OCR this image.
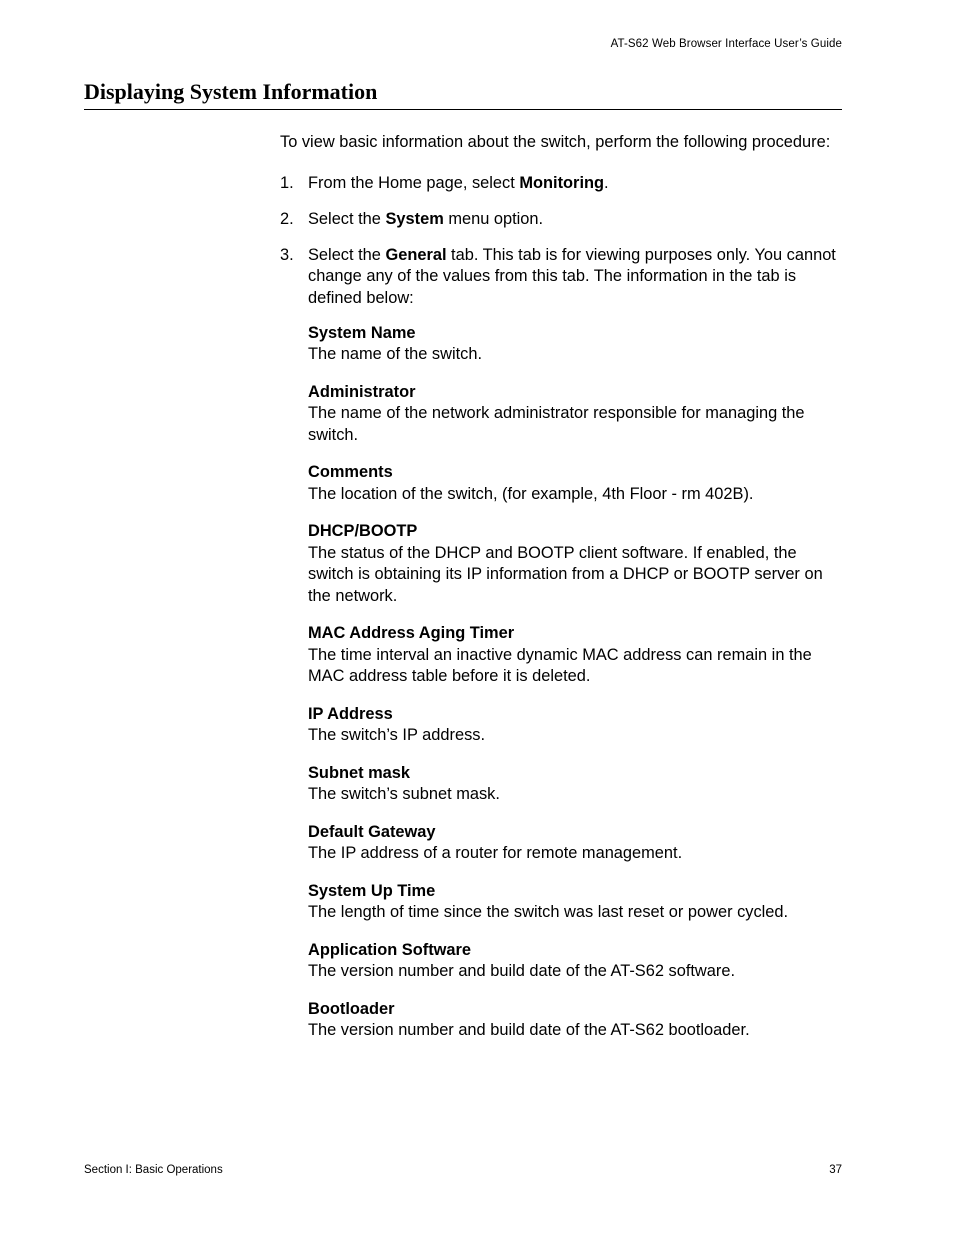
AT-S62 Web Browser Interface User’s Guide
Displaying System Information

To view basic information about the switch, perform the following procedure:

1. From the Home page, select Monitoring.
2. Select the System menu option.
3. Select the General tab. This tab is for viewing purposes only. You cannot change any of the values from this tab. The information in the tab is defined below:
System Name
The name of the switch.
Administrator
The name of the network administrator responsible for managing the switch.
Comments
The location of the switch, (for example, 4th Floor - rm 402B).
DHCP/BOOTP
The status of the DHCP and BOOTP client software. If enabled, the switch is obtaining its IP information from a DHCP or BOOTP server on the network.
MAC Address Aging Timer
The time interval an inactive dynamic MAC address can remain in the MAC address table before it is deleted.
IP Address
The switch’s IP address.
Subnet mask
The switch’s subnet mask.
Default Gateway
The IP address of a router for remote management.
System Up Time
The length of time since the switch was last reset or power cycled.
Application Software
The version number and build date of the AT-S62 software.
Bootloader
The version number and build date of the AT-S62 bootloader.
Section I: Basic Operations	37
